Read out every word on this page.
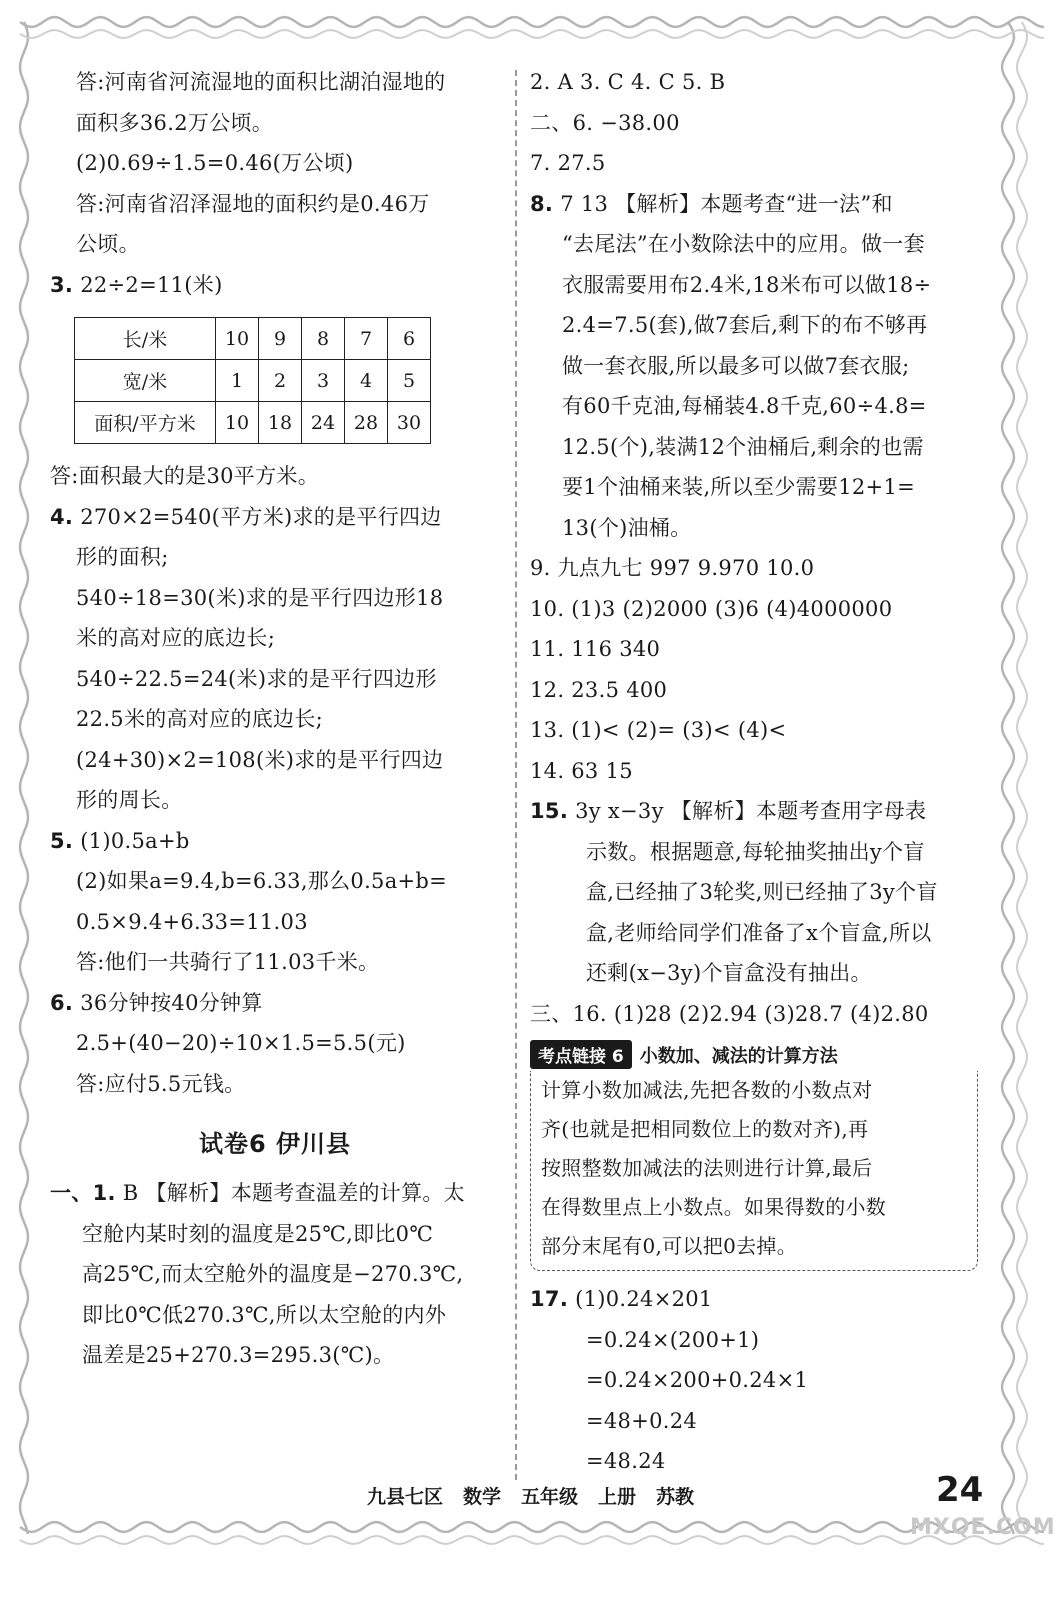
答:河南省河流湿地的面积比湖泊湿地的

面积多36.2万公顷。

(2)0.69÷1.5=0.46(万公顷)

答:河南省沼泽湿地的面积约是0.46万

公顷。

3. 22÷2=11(米)

长/米	10	9	8	7	6
宽/米	1	2	3	4	5
面积/平方米	10	18	24	28	30

答:面积最大的是30平方米。

4. 270×2=540(平方米)求的是平行四边

形的面积;

540÷18=30(米)求的是平行四边形18

米的高对应的底边长;

540÷22.5=24(米)求的是平行四边形

22.5米的高对应的底边长;

(24+30)×2=108(米)求的是平行四边

形的周长。

5. (1)0.5a+b

(2)如果a=9.4,b=6.33,那么0.5a+b=

0.5×9.4+6.33=11.03

答:他们一共骑行了11.03千米。

6. 36分钟按40分钟算

2.5+(40−20)÷10×1.5=5.5(元)

答:应付5.5元钱。

试卷6 伊川县

一、1. B 【解析】本题考查温差的计算。太

空舱内某时刻的温度是25℃,即比0℃

高25℃,而太空舱外的温度是−270.3℃,

即比0℃低270.3℃,所以太空舱的内外

温差是25+270.3=295.3(℃)。

2. A 3. C 4. C 5. B

二、6. −38.00

7. 27.5

8. 7 13 【解析】本题考查“进一法”和

“去尾法”在小数除法中的应用。做一套

衣服需要用布2.4米,18米布可以做18÷

2.4=7.5(套),做7套后,剩下的布不够再

做一套衣服,所以最多可以做7套衣服;

有60千克油,每桶装4.8千克,60÷4.8=

12.5(个),装满12个油桶后,剩余的也需

要1个油桶来装,所以至少需要12+1=

13(个)油桶。

9. 九点九七 997 9.970 10.0

10. (1)3 (2)2000 (3)6 (4)4000000

11. 116 340

12. 23.5 400

13. (1)< (2)= (3)< (4)<

14. 63 15

15. 3y x−3y 【解析】本题考查用字母表

示数。根据题意,每轮抽奖抽出y个盲

盒,已经抽了3轮奖,则已经抽了3y个盲

盒,老师给同学们准备了x个盲盒,所以

还剩(x−3y)个盲盒没有抽出。

三、16. (1)28 (2)2.94 (3)28.7 (4)2.80

考点链接 6 小数加、减法的计算方法

计算小数加减法,先把各数的小数点对

齐(也就是把相同数位上的数对齐),再

按照整数加减法的法则进行计算,最后

在得数里点上小数点。如果得数的小数

部分末尾有0,可以把0去掉。

17. (1)0.24×201

=0.24×(200+1)

=0.24×200+0.24×1

=48+0.24

=48.24

九县七区 数学 五年级 上册 苏教	24
MXQE.COM
